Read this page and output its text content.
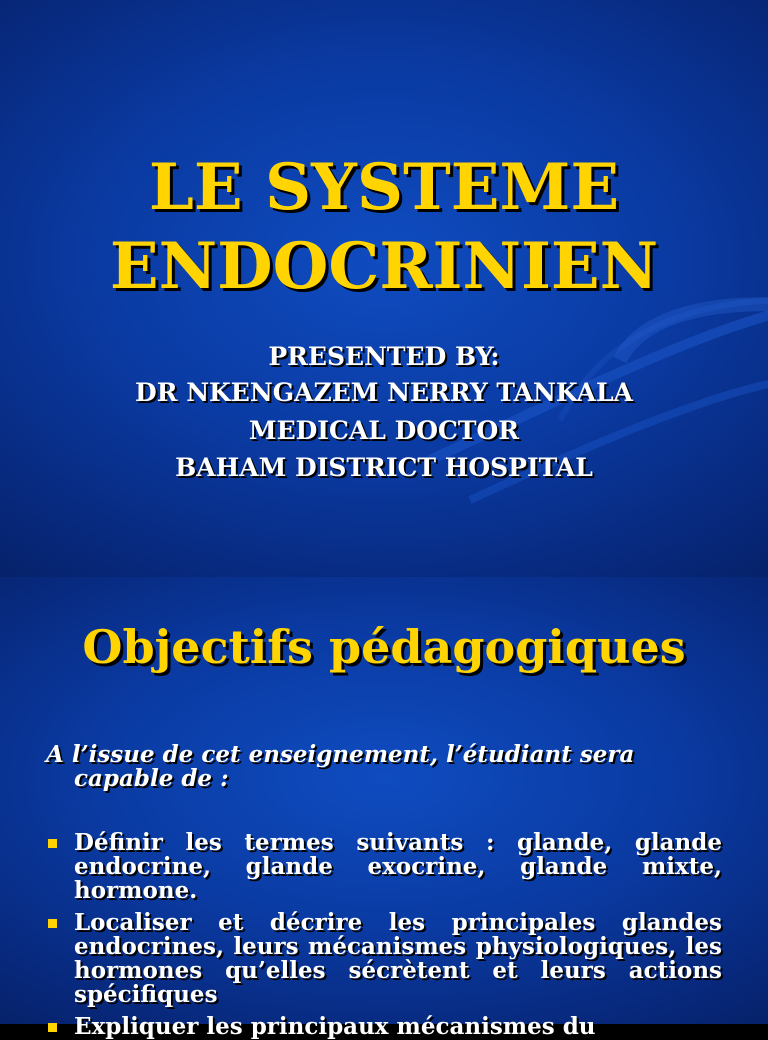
LE SYSTEME
ENDOCRINIEN
PRESENTED BY:
DR NKENGAZEM NERRY TANKALA
MEDICAL DOCTOR
BAHAM DISTRICT HOSPITAL
Objectifs pédagogiques
A l’issue de cet enseignement, l’étudiant sera capable de :
Définir les termes suivants : glande, glande endocrine, glande exocrine, glande mixte, hormone.
Localiser et décrire les principales glandes endocrines, leurs mécanismes physiologiques, les hormones qu’elles sécrètent et leurs actions spécifiques
Expliquer les principaux mécanismes du
